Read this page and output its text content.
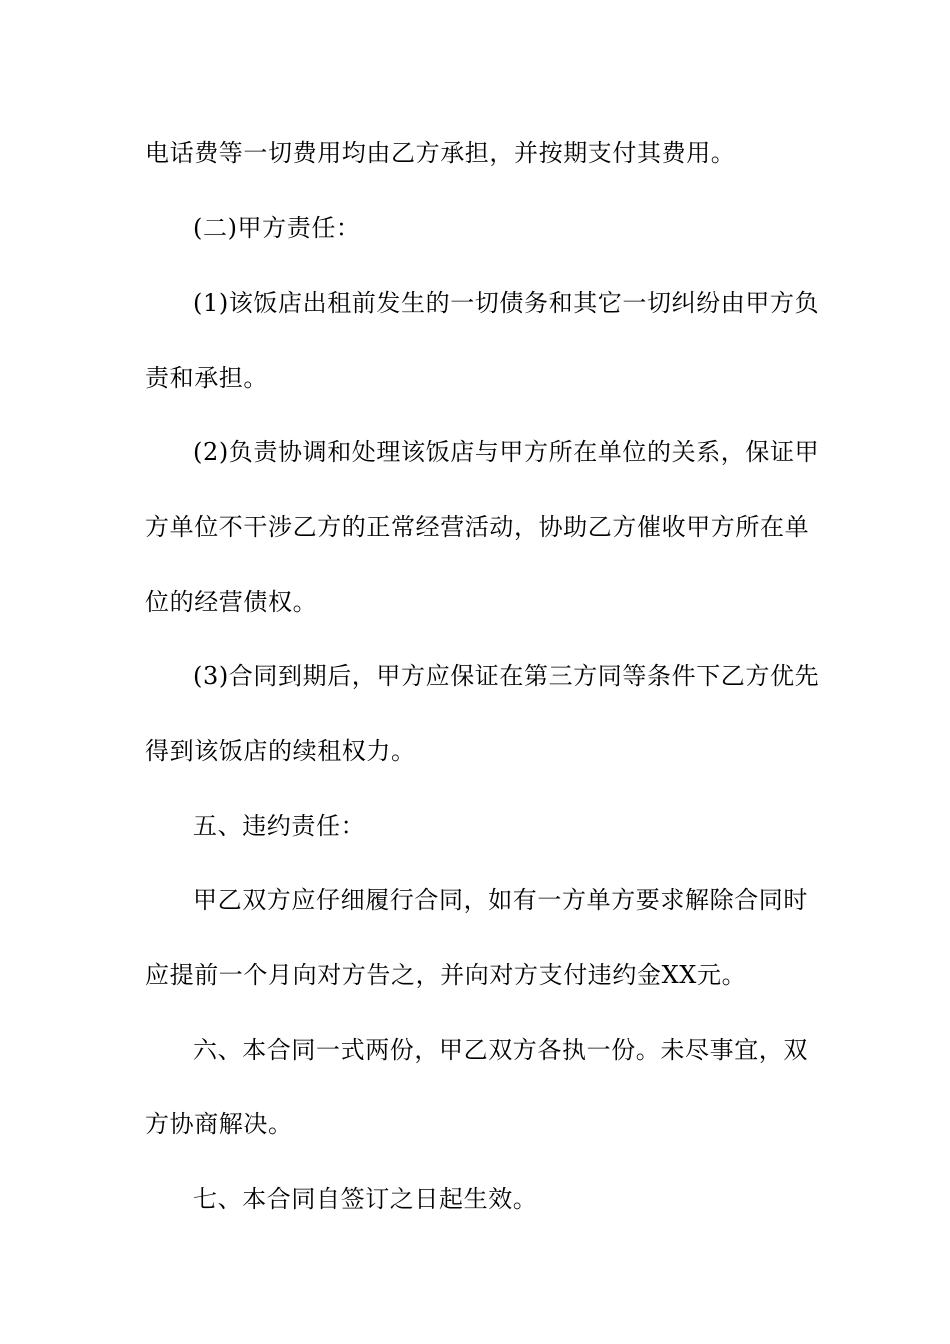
电话费等一切费用均由乙方承担，并按期支付其费用。
(二)甲方责任：
(1)该饭店出租前发生的一切债务和其它一切纠纷由甲方负
责和承担。
(2)负责协调和处理该饭店与甲方所在单位的关系，保证甲
方单位不干涉乙方的正常经营活动，协助乙方催收甲方所在单
位的经营债权。
(3)合同到期后，甲方应保证在第三方同等条件下乙方优先
得到该饭店的续租权力。
五、违约责任：
甲乙双方应仔细履行合同，如有一方单方要求解除合同时
应提前一个月向对方告之，并向对方支付违约金XX元。
六、本合同一式两份，甲乙双方各执一份。未尽事宜，双
方协商解决。
七、本合同自签订之日起生效。
